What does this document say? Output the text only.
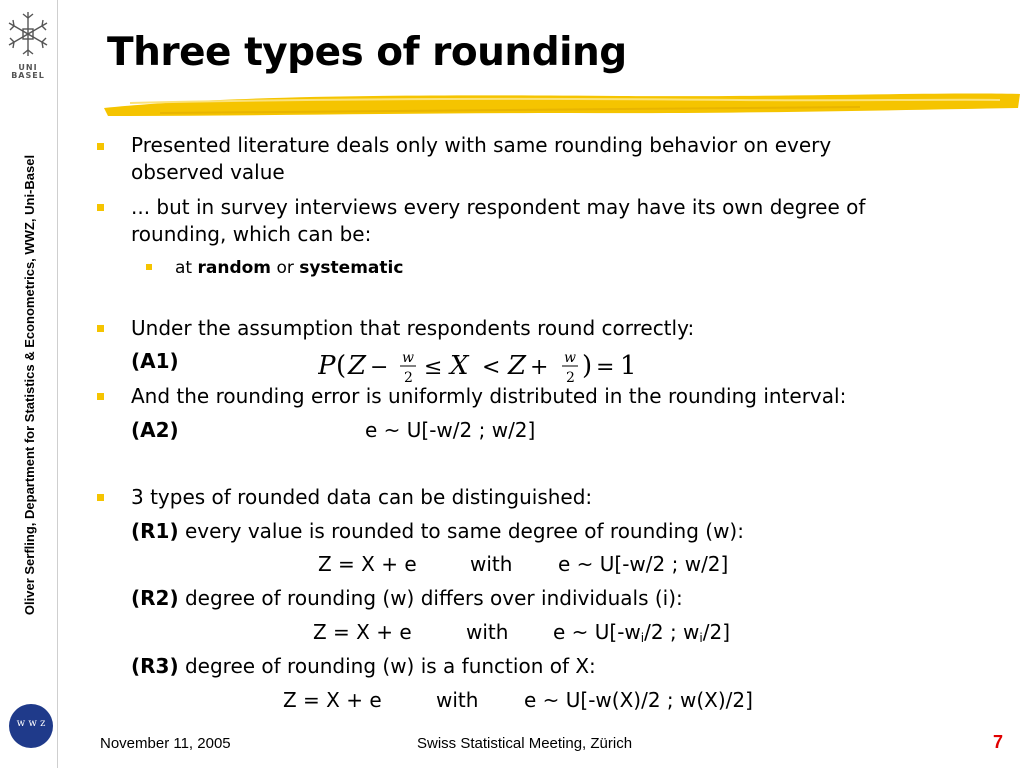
UNI
BASEL
Oliver Serfling, Department for Statistics & Econometrics, WWZ, Uni-Basel
w w z
Three types of rounding
Presented literature deals only with same rounding behavior on every
observed value
... but in survey interviews every respondent may have its own degree of
rounding, which can be:
at random or systematic
Under the assumption that respondents round correctly:
(A1)	P ( Z − w
2 ≤ X < Z + w
2 ) = 1
And the rounding error is uniformly distributed in the rounding interval:
(A2)	e ~ U[-w/2 ; w/2]
3 types of rounded data can be distinguished:
(R1) every value is rounded to same degree of rounding (w):
Z = X + e	with e ~ U[-w/2 ; w/2]
(R2) degree of rounding (w) differs over individuals (i):
Z = X + e	with e ~ $U[-w_i/2$ ; $w_i/2$]
(R3) degree of rounding (w) is a function of X:
Z = X + e	with e ~ U[-w(X)/2 ; w(X)/2]
November 11, 2005	Swiss Statistical Meeting, Zürich	7
